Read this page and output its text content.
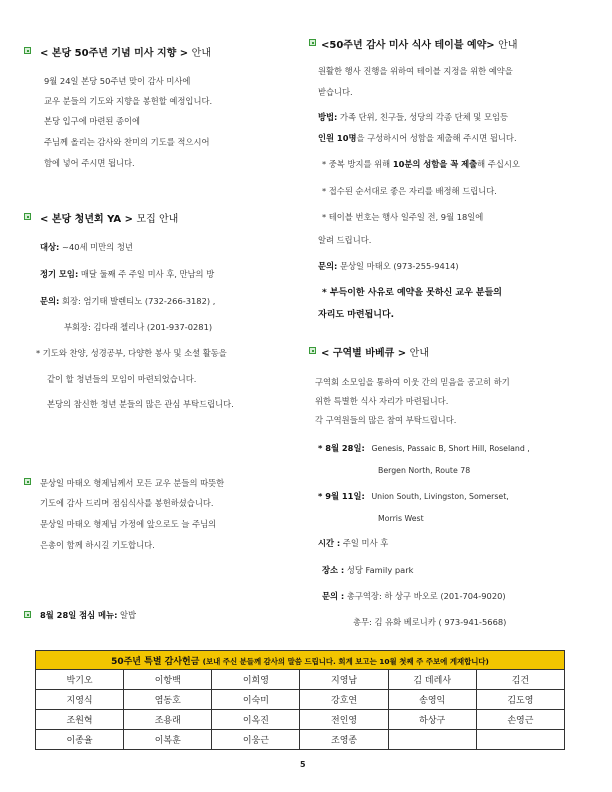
< 본당 50주년 기념 미사 지향 > 안내
9월 24일 본당 50주년 맞이 감사 미사에
교우 분들의 기도와 지향을 봉헌할 예정입니다.
본당 입구에 마련된 종이에
주님께 올리는 감사와 찬미의 기도를 적으시어
함에 넣어 주시면 됩니다.
< 본당 청년회 YA > 모집 안내
대상: ~40세 미만의 청년
정기 모임: 매달 둘째 주 주일 미사 후, 만남의 방
문의: 회장: 엄기태 발렌티노 (732-266-3182) ,
부회장: 김다래 첼리나 (201-937-0281)
* 기도와 찬양, 성경공부, 다양한 봉사 및 소셜 활동을
같이 할 청년들의 모임이 마련되었습니다.
본당의 참신한 청년 분들의 많은 관심 부탁드립니다.
문상일 마태오 형제님께서 모든 교우 분들의 따뜻한
기도에 감사 드리며 점심식사를 봉헌하셨습니다.
문상일 마태오 형제님 가정에 앞으로도 늘 주님의
은총이 함께 하시길 기도합니다.
8월 28일 점심 메뉴: 알밥
<50주년 감사 미사 식사 테이블 예약> 안내
원활한 행사 진행을 위하여 테이블 지정을 위한 예약을
받습니다.
방법: 가족 단위, 친구들, 성당의 각종 단체 및 모임등
인원 10명을 구성하시어 성함을 제출해 주시면 됩니다.
* 중복 방지를 위해 10분의 성함을 꼭 제출해 주십시오
* 접수된 순서대로 좋은 자리를 배정해 드립니다.
* 테이블 번호는 행사 일주일 전, 9월 18일에
알려 드립니다.
문의: 문상일 마태오 (973-255-9414)
* 부득이한 사유로 예약을 못하신 교우 분들의
자리도 마련됩니다.
< 구역별 바베큐 > 안내
구역회 소모임을 통하여 이웃 간의 믿음을 공고히 하기
위한 특별한 식사 자리가 마련됩니다.
각 구역원들의 많은 참여 부탁드립니다.
* 8월 28일: Genesis, Passaic B, Short Hill, Roseland ,
Bergen North, Route 78
* 9월 11일: Union South, Livingston, Somerset,
Morris West
시간 : 주일 미사 후
장소 : 성당 Family park
문의 : 총구역장: 하 상구 바오로 (201-704-9020)
총무: 김 유화 베로니카 ( 973-941-5668)
50주년 특별 감사헌금 (보내 주신 분들께 감사의 말씀 드립니다. 회계 보고는 10월 첫째 주 주보에 게재합니다)					
박기오	이항백	이희영	지영남	김 데레사	김건
지영식	염동호	이숙미	강호연	송영익	김도영
조원혁	조용래	이옥진	전인영	하상구	손영근
이종율	이복훈	이웅근	조영종		
5
